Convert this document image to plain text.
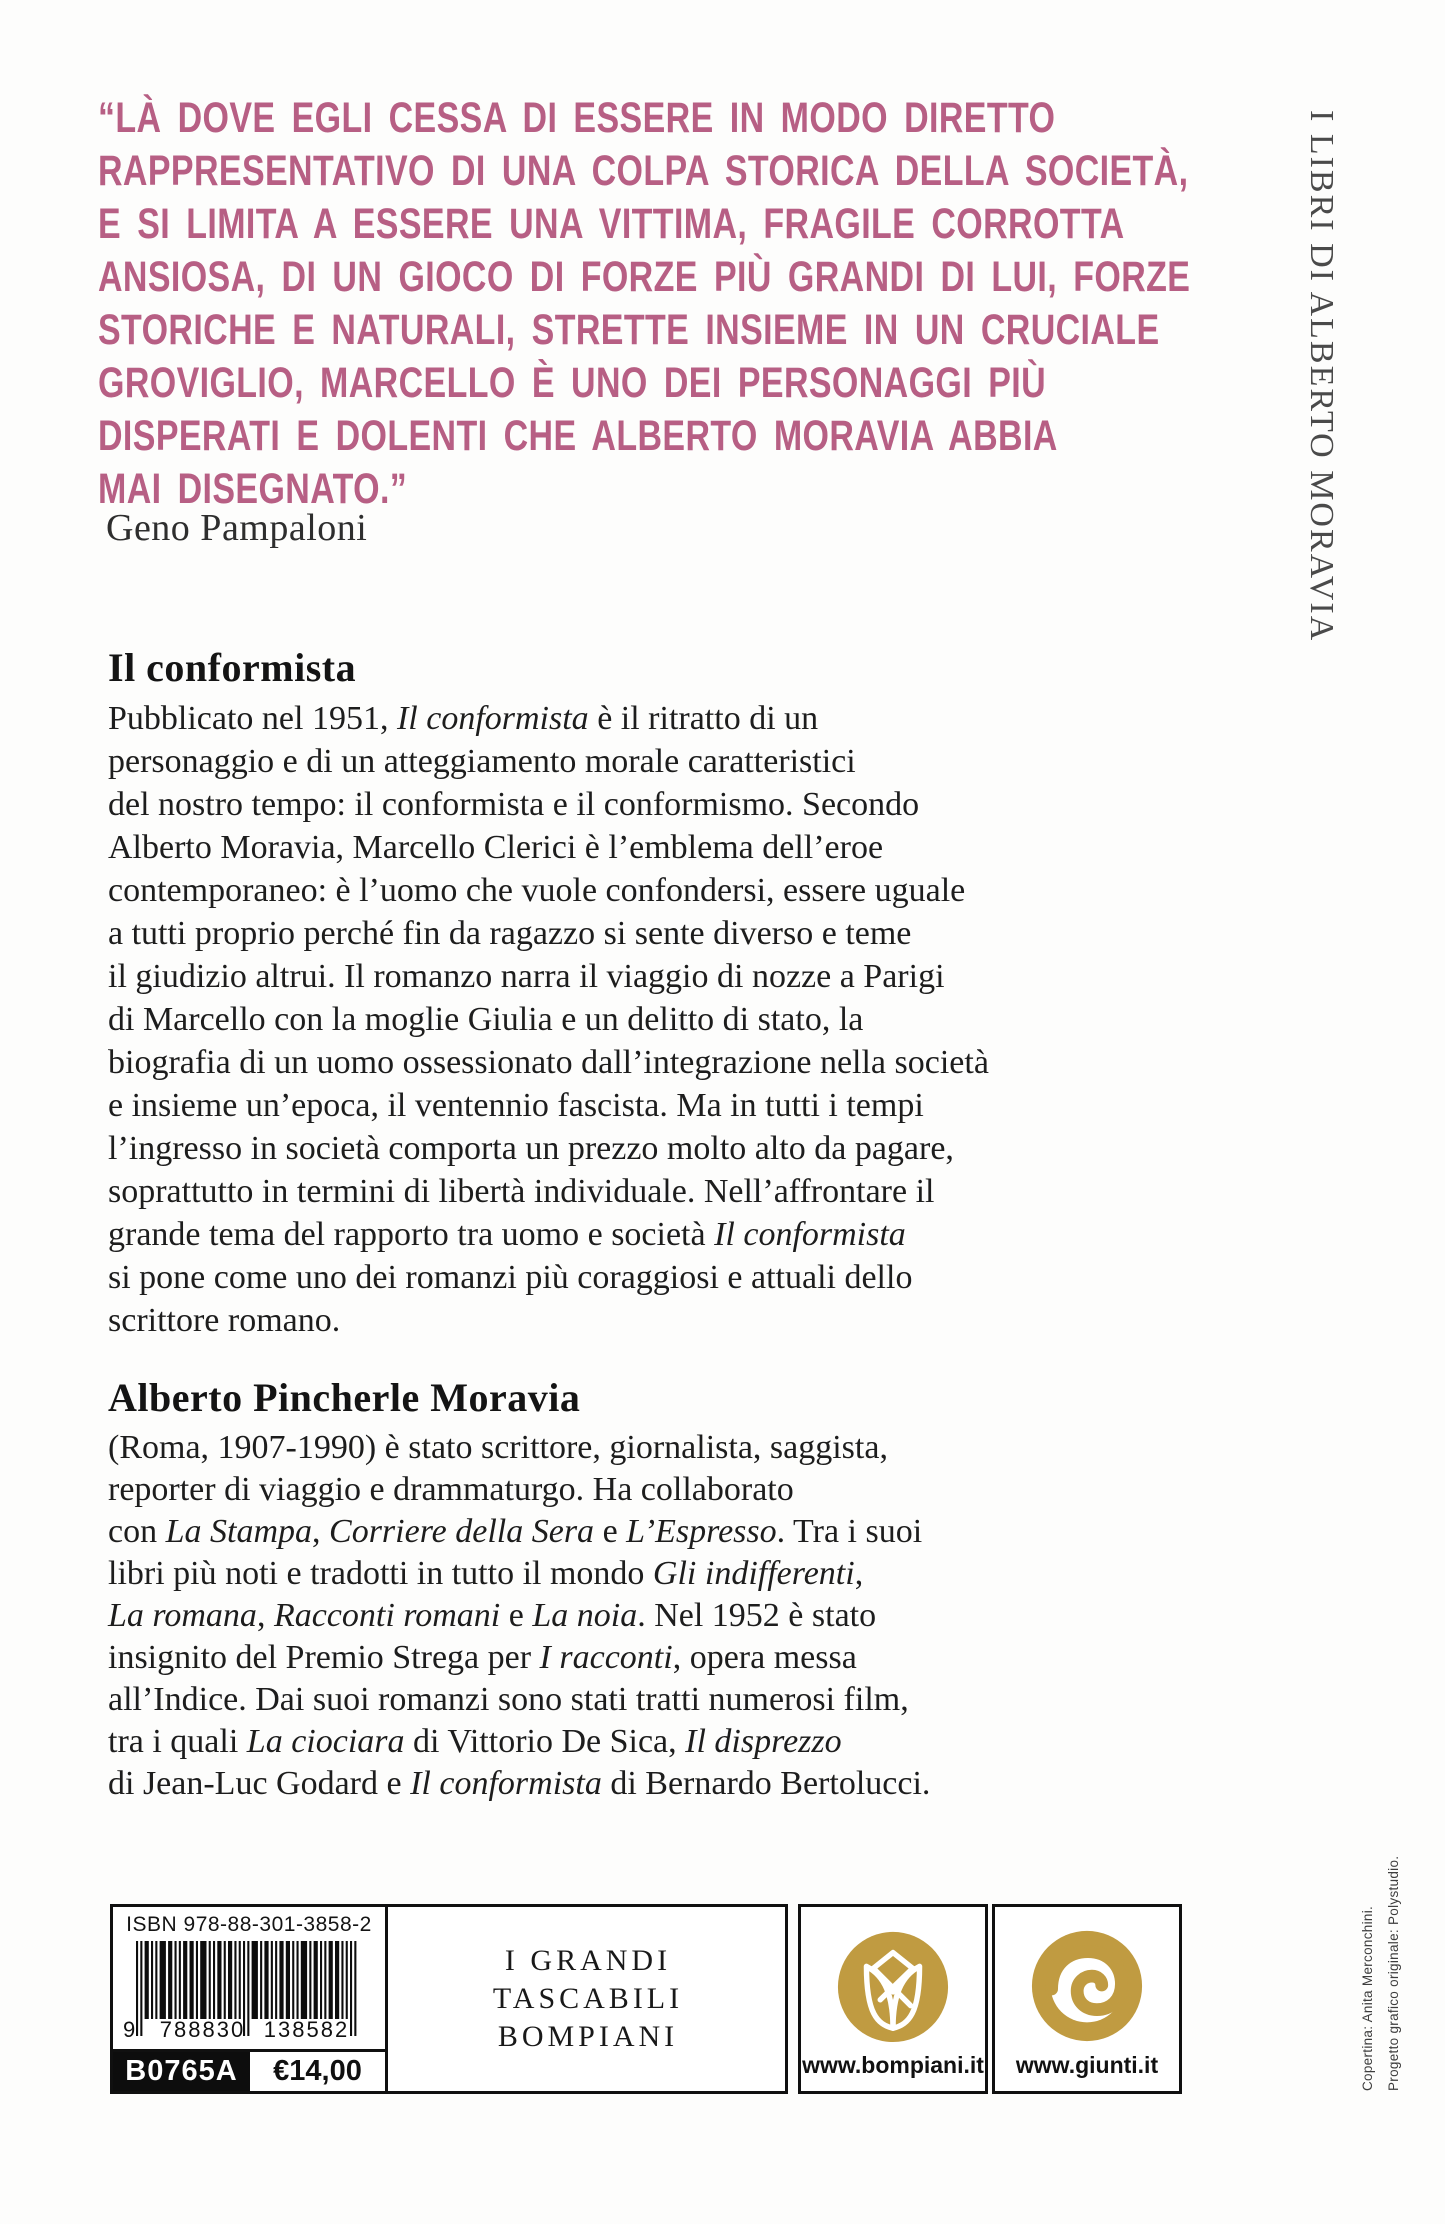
“LÀ DOVE EGLI CESSA DI ESSERE IN MODO DIRETTO
RAPPRESENTATIVO DI UNA COLPA STORICA DELLA SOCIETÀ,
E SI LIMITA A ESSERE UNA VITTIMA, FRAGILE CORROTTA
ANSIOSA, DI UN GIOCO DI FORZE PIÙ GRANDI DI LUI, FORZE
STORICHE E NATURALI, STRETTE INSIEME IN UN CRUCIALE
GROVIGLIO, MARCELLO È UNO DEI PERSONAGGI PIÙ
DISPERATI E DOLENTI CHE ALBERTO MORAVIA ABBIA
MAI DISEGNATO.”
Geno Pampaloni	I LIBRI DI ALBERTO MORAVIA
Il conformista
Pubblicato nel 1951, Il conformista è il ritratto di un
personaggio e di un atteggiamento morale caratteristici
del nostro tempo: il conformista e il conformismo. Secondo
Alberto Moravia, Marcello Clerici è l’emblema dell’eroe
contemporaneo: è l’uomo che vuole confondersi, essere uguale
a tutti proprio perché fin da ragazzo si sente diverso e teme
il giudizio altrui. Il romanzo narra il viaggio di nozze a Parigi
di Marcello con la moglie Giulia e un delitto di stato, la
biografia di un uomo ossessionato dall’integrazione nella società
e insieme un’epoca, il ventennio fascista. Ma in tutti i tempi
l’ingresso in società comporta un prezzo molto alto da pagare,
soprattutto in termini di libertà individuale. Nell’affrontare il
grande tema del rapporto tra uomo e società Il conformista
si pone come uno dei romanzi più coraggiosi e attuali dello
scrittore romano.
Alberto Pincherle Moravia
(Roma, 1907-1990) è stato scrittore, giornalista, saggista,
reporter di viaggio e drammaturgo. Ha collaborato
con La Stampa, Corriere della Sera e L’Espresso. Tra i suoi
libri più noti e tradotti in tutto il mondo Gli indifferenti,
La romana, Racconti romani e La noia. Nel 1952 è stato
insignito del Premio Strega per I racconti, opera messa
all’Indice. Dai suoi romanzi sono stati tratti numerosi film,
tra i quali La ciociara di Vittorio De Sica, Il disprezzo
di Jean-Luc Godard e Il conformista di Bernardo Bertolucci.
ISBN 978-88-301-3858-2
9 788830 138582
B0765A	€14,00
I GRANDI
TASCABILI
BOMPIANI
www.bompiani.it	www.giunti.it	Copertina: Anita Merconchini. Progetto grafico originale: Polystudio.
